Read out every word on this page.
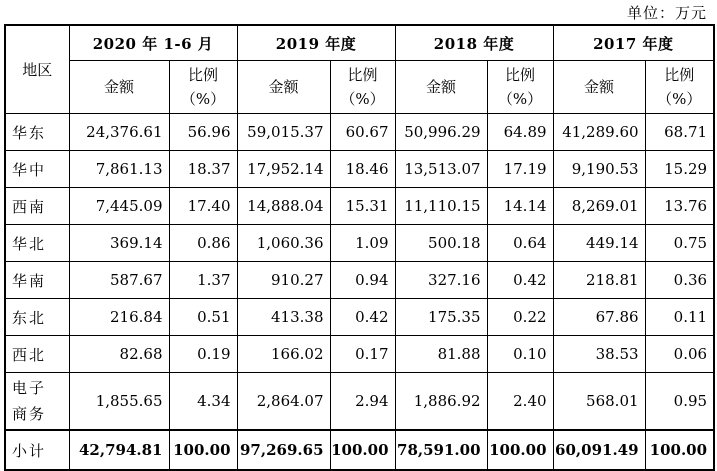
单位：万元
地区	2020 年 1-6 月		2019 年度		2018 年度		2017 年度	
	金额	比例
（%）	金额	比例
（%）	金额	比例
（%）	金额	比例
（%）

华东	24,376.61	56.96	59,015.37	60.67	50,996.29	64.89	41,289.60	68.71
华中	7,861.13	18.37	17,952.14	18.46	13,513.07	17.19	9,190.53	15.29
西南	7,445.09	17.40	14,888.04	15.31	11,110.15	14.14	8,269.01	13.76
华北	369.14	0.86	1,060.36	1.09	500.18	0.64	449.14	0.75
华南	587.67	1.37	910.27	0.94	327.16	0.42	218.81	0.36
东北	216.84	0.51	413.38	0.42	175.35	0.22	67.86	0.11
西北	82.68	0.19	166.02	0.17	81.88	0.10	38.53	0.06

电子
商务	1,855.65	4.34	2,864.07	2.94	1,886.92	2.40	568.01	0.95
小计	42,794.81	100.00	97,269.65	100.00	78,591.00	100.00	60,091.49	100.00
